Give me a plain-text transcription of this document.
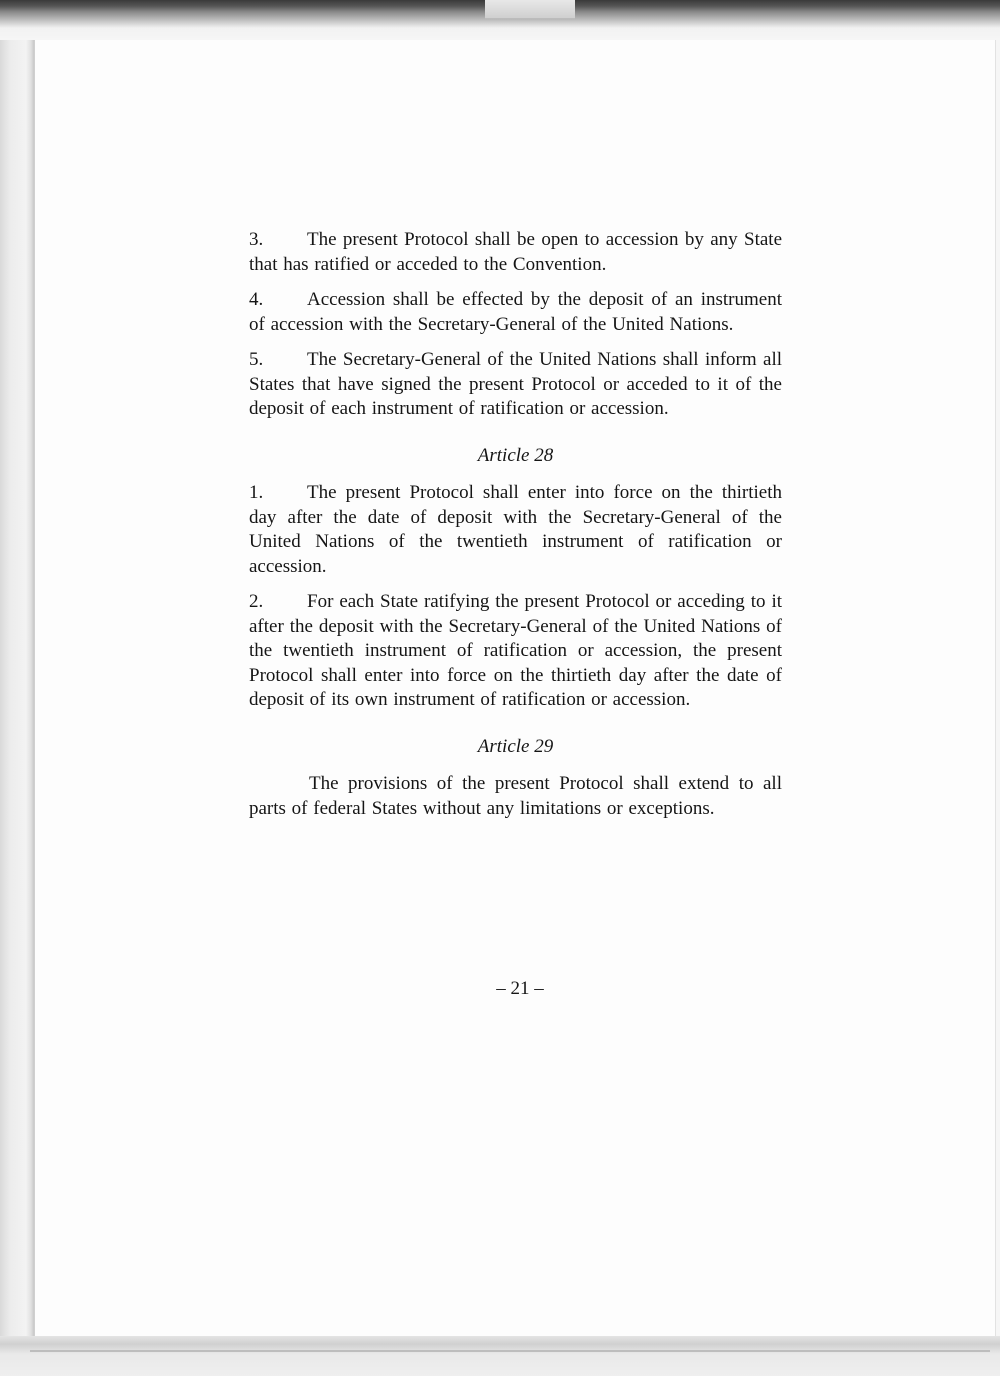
3. The present Protocol shall be open to accession by any State that has ratified or acceded to the Convention.

4. Accession shall be effected by the deposit of an instrument of accession with the Secretary-General of the United Nations.

5. The Secretary-General of the United Nations shall inform all States that have signed the present Protocol or acceded to it of the deposit of each instrument of ratification or accession.

Article 28

1. The present Protocol shall enter into force on the thirtieth day after the date of deposit with the Secretary-General of the United Nations of the twentieth instrument of ratification or accession.

2. For each State ratifying the present Protocol or acceding to it after the deposit with the Secretary-General of the United Nations of the twentieth instrument of ratification or accession, the present Protocol shall enter into force on the thirtieth day after the date of deposit of its own instrument of ratification or accession.

Article 29

The provisions of the present Protocol shall extend to all parts of federal States without any limitations or exceptions.

– 21 –
